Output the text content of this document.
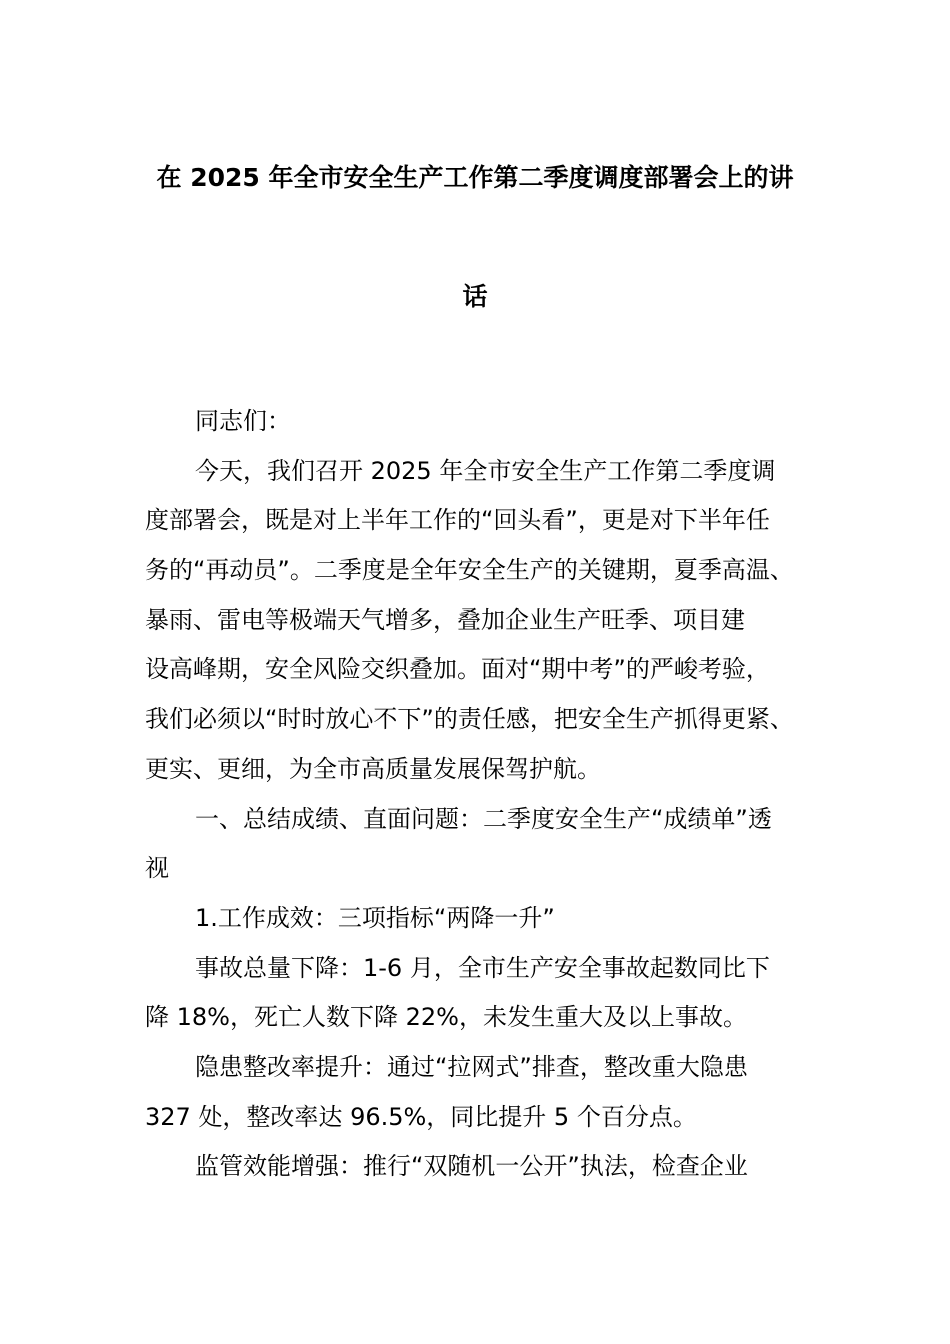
在 2025 年全市安全生产工作第二季度调度部署会上的讲
话
同志们：
今天，我们召开 2025 年全市安全生产工作第二季度调
度部署会，既是对上半年工作的“回头看”，更是对下半年任
务的“再动员”。二季度是全年安全生产的关键期，夏季高温、
暴雨、雷电等极端天气增多，叠加企业生产旺季、项目建
设高峰期，安全风险交织叠加。面对“期中考”的严峻考验，
我们必须以“时时放心不下”的责任感，把安全生产抓得更紧、
更实、更细，为全市高质量发展保驾护航。
一、总结成绩、直面问题：二季度安全生产“成绩单”透
视
1.工作成效：三项指标“两降一升”
事故总量下降：1-6 月，全市生产安全事故起数同比下
降 18%，死亡人数下降 22%，未发生重大及以上事故。
隐患整改率提升：通过“拉网式”排查，整改重大隐患
327 处，整改率达 96.5%，同比提升 5 个百分点。
监管效能增强：推行“双随机一公开”执法，检查企业
